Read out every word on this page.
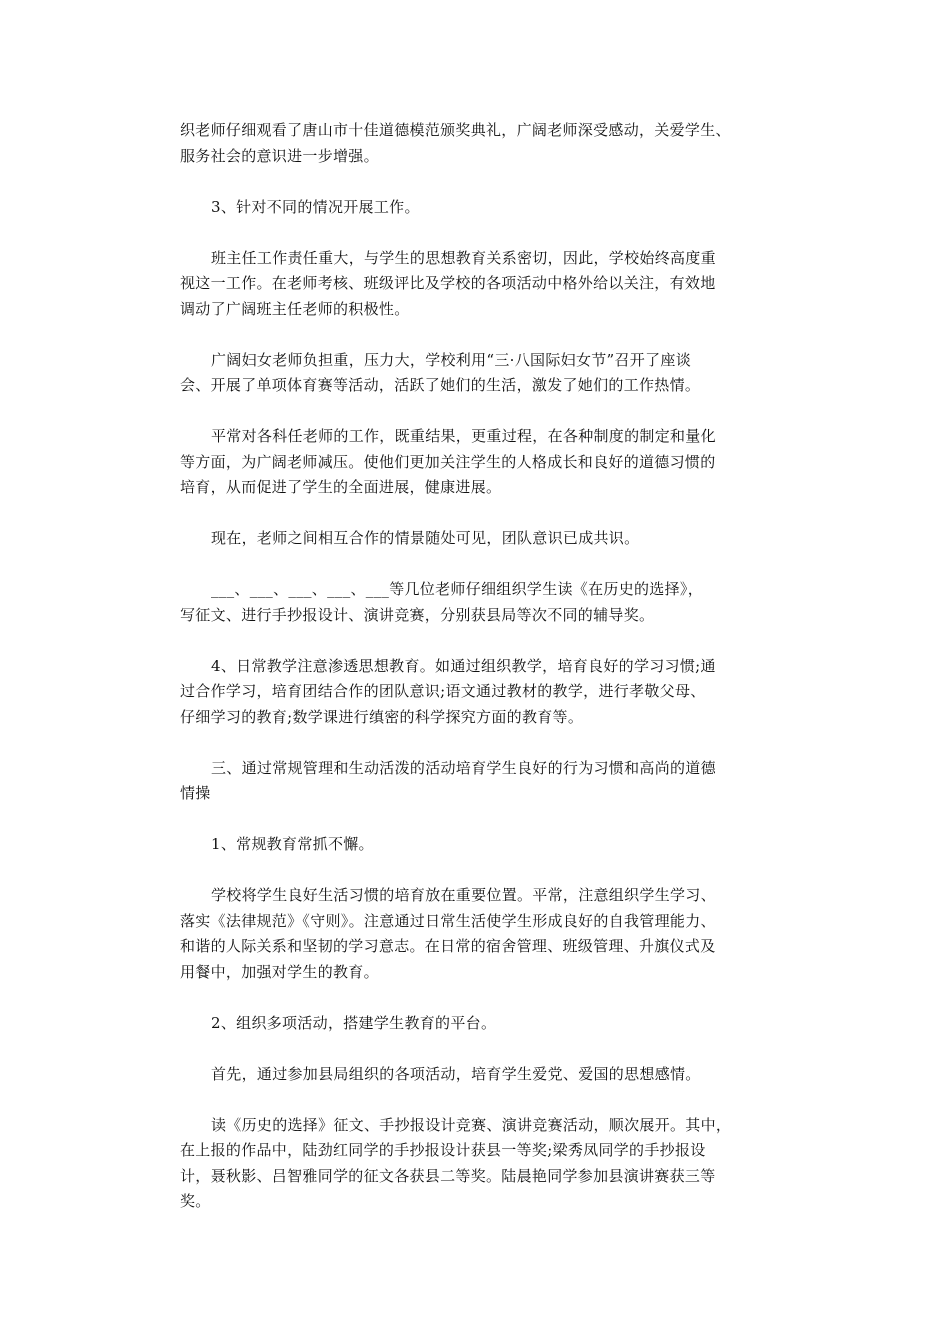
织老师仔细观看了唐山市十佳道德模范颁奖典礼，广阔老师深受感动，关爱学生、
服务社会的意识进一步增强。
3、针对不同的情况开展工作。
班主任工作责任重大，与学生的思想教育关系密切，因此，学校始终高度重
视这一工作。在老师考核、班级评比及学校的各项活动中格外给以关注，有效地
调动了广阔班主任老师的积极性。
广阔妇女老师负担重，压力大，学校利用“三·八国际妇女节”召开了座谈
会、开展了单项体育赛等活动，活跃了她们的生活，激发了她们的工作热情。
平常对各科任老师的工作，既重结果，更重过程，在各种制度的制定和量化
等方面，为广阔老师减压。使他们更加关注学生的人格成长和良好的道德习惯的
培育，从而促进了学生的全面进展，健康进展。
现在，老师之间相互合作的情景随处可见，团队意识已成共识。
___、___、___、___、___等几位老师仔细组织学生读《在历史的选择》，
写征文、进行手抄报设计、演讲竞赛，分别获县局等次不同的辅导奖。
4、日常教学注意渗透思想教育。如通过组织教学，培育良好的学习习惯;通
过合作学习，培育团结合作的团队意识;语文通过教材的教学，进行孝敬父母、
仔细学习的教育;数学课进行缜密的科学探究方面的教育等。
三、通过常规管理和生动活泼的活动培育学生良好的行为习惯和高尚的道德
情操
1、常规教育常抓不懈。
学校将学生良好生活习惯的培育放在重要位置。平常，注意组织学生学习、
落实《法律规范》《守则》。注意通过日常生活使学生形成良好的自我管理能力、
和谐的人际关系和坚韧的学习意志。在日常的宿舍管理、班级管理、升旗仪式及
用餐中，加强对学生的教育。
2、组织多项活动，搭建学生教育的平台。
首先，通过参加县局组织的各项活动，培育学生爱党、爱国的思想感情。
读《历史的选择》征文、手抄报设计竞赛、演讲竞赛活动，顺次展开。其中，
在上报的作品中，陆劲红同学的手抄报设计获县一等奖;梁秀凤同学的手抄报设
计，聂秋影、吕智雅同学的征文各获县二等奖。陆晨艳同学参加县演讲赛获三等
奖。
